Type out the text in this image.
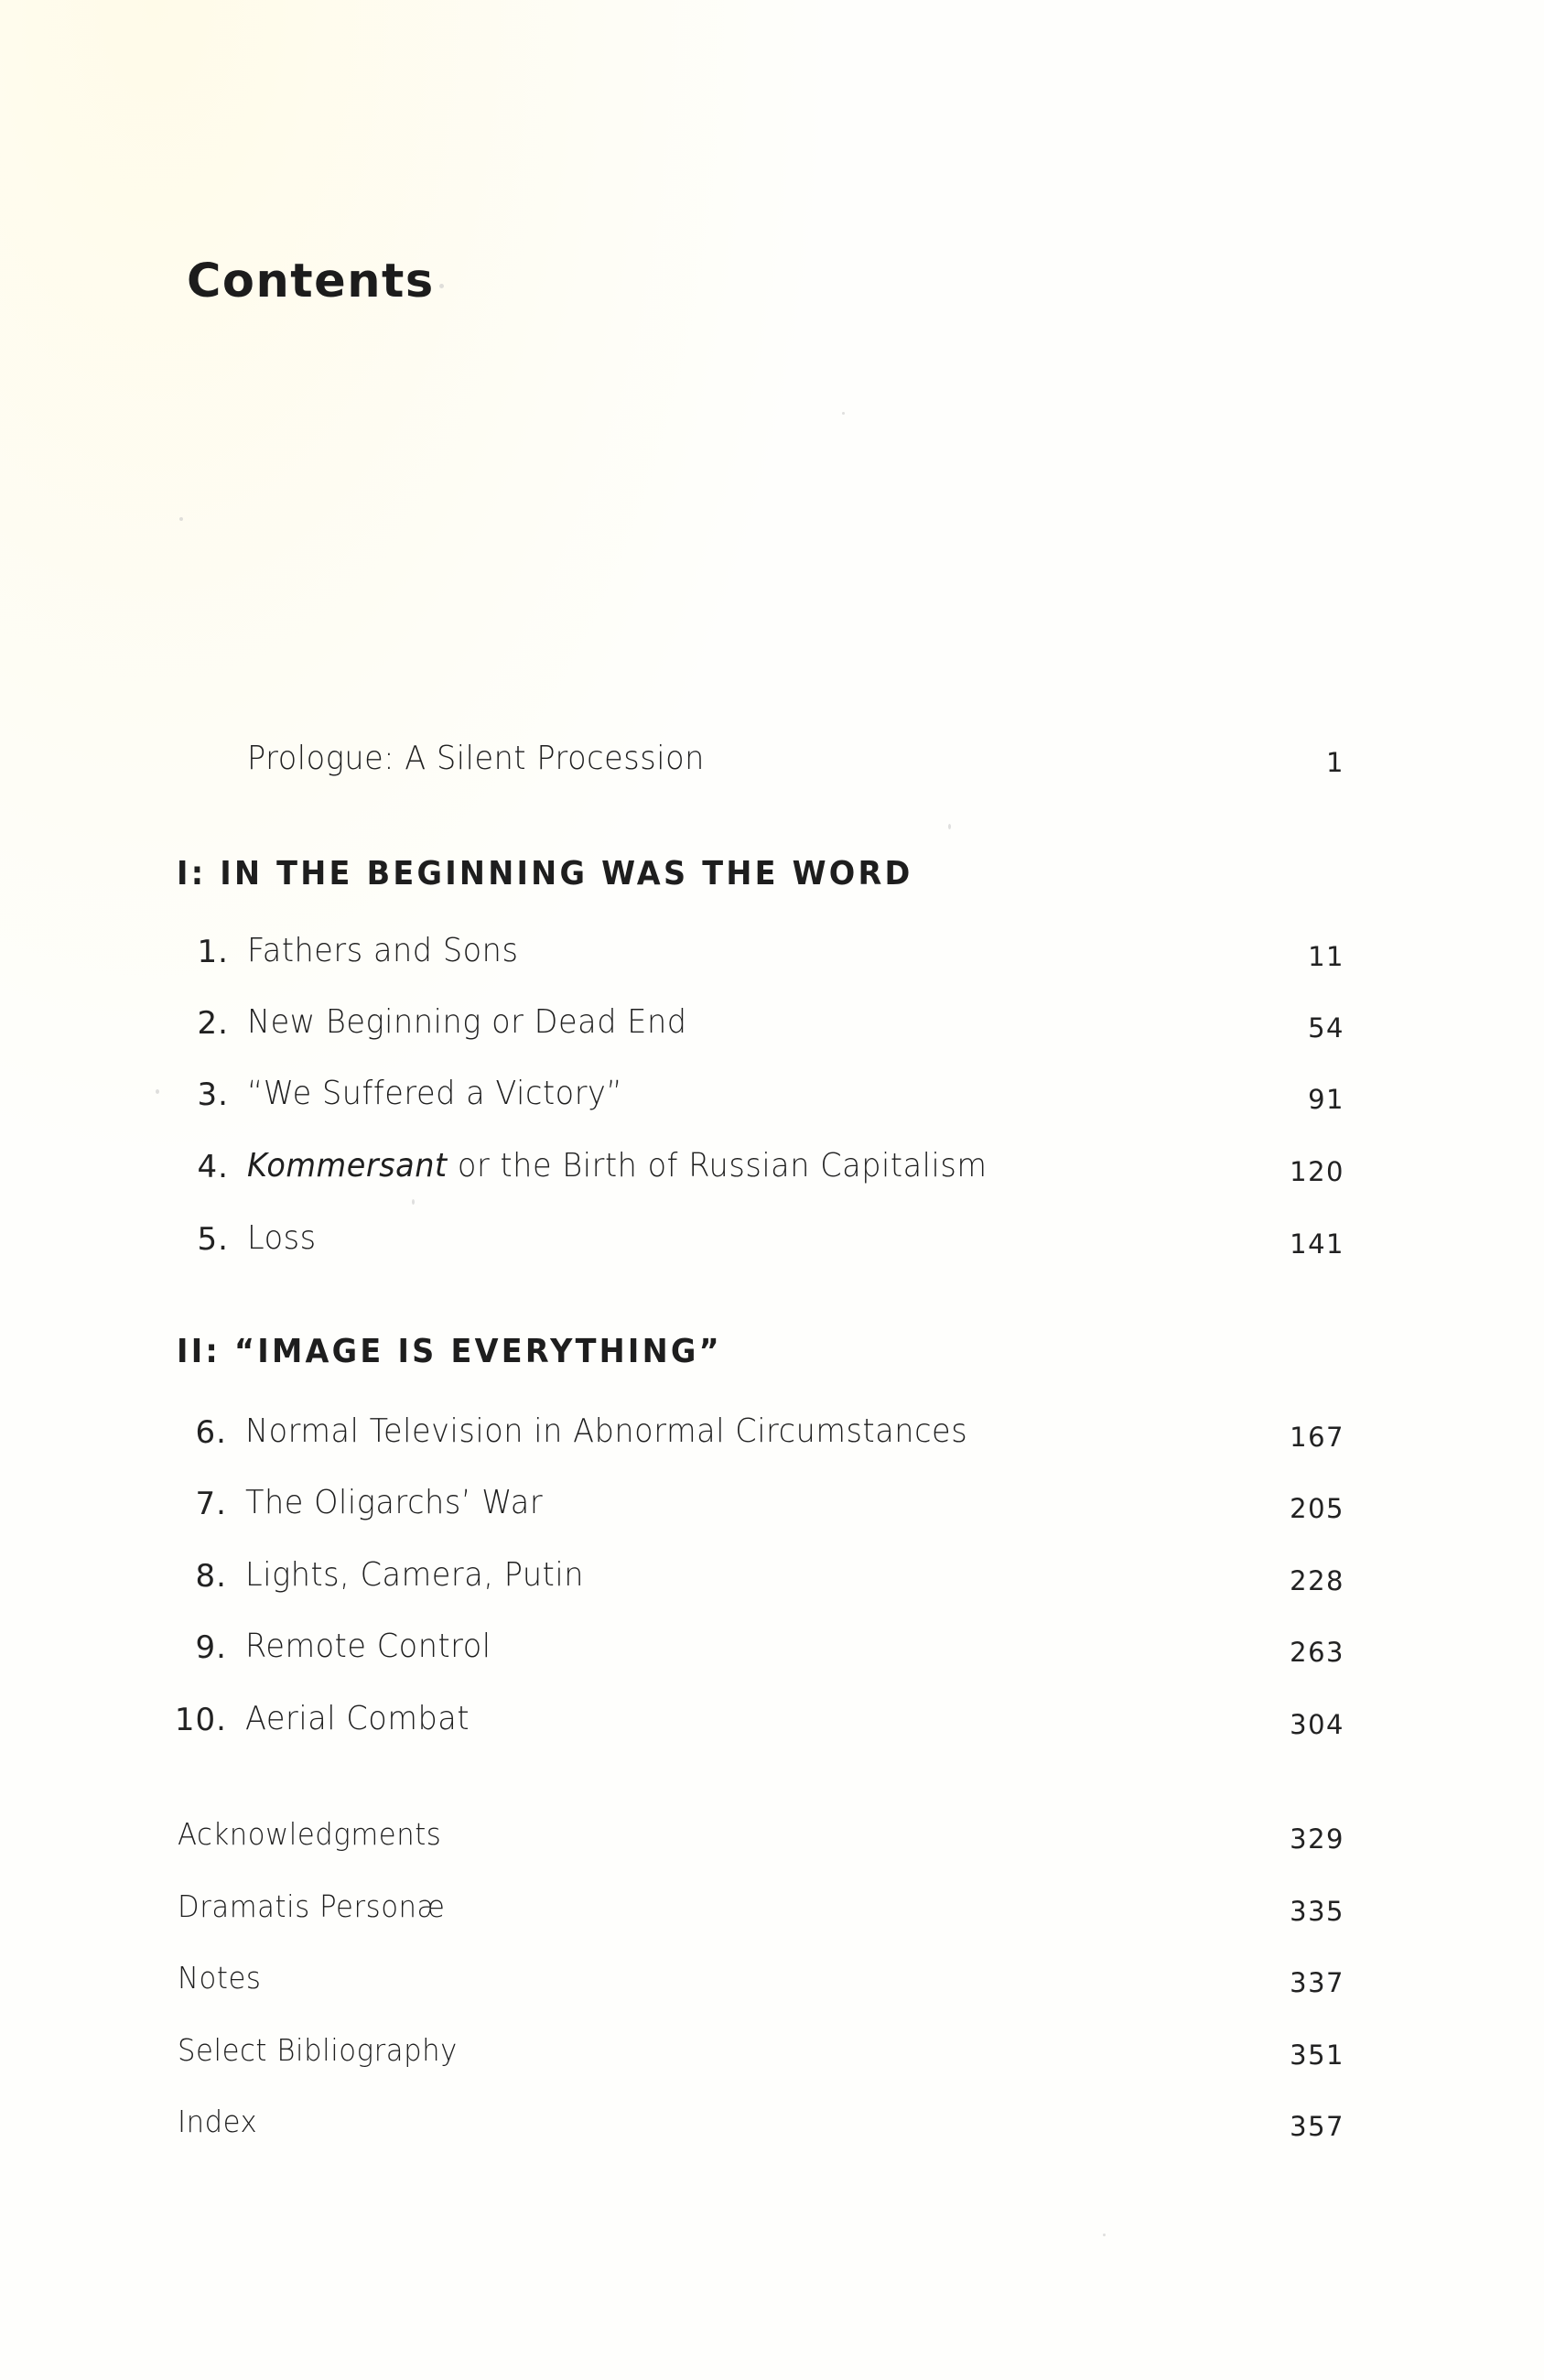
Contents
Prologue: A Silent Procession	1
I: IN THE BEGINNING WAS THE WORD
1. Fathers and Sons	11
2. New Beginning or Dead End	54
3. “We Suffered a Victory”	91
4. Kommersant or the Birth of Russian Capitalism	120
5. Loss	141
II: “IMAGE IS EVERYTHING”
6. Normal Television in Abnormal Circumstances	167
7. The Oligarchs’ War	205
8. Lights, Camera, Putin	228
9. Remote Control	263
10. Aerial Combat	304
Acknowledgments	329
Dramatis Personæ	335
Notes	337
Select Bibliography	351
Index	357
